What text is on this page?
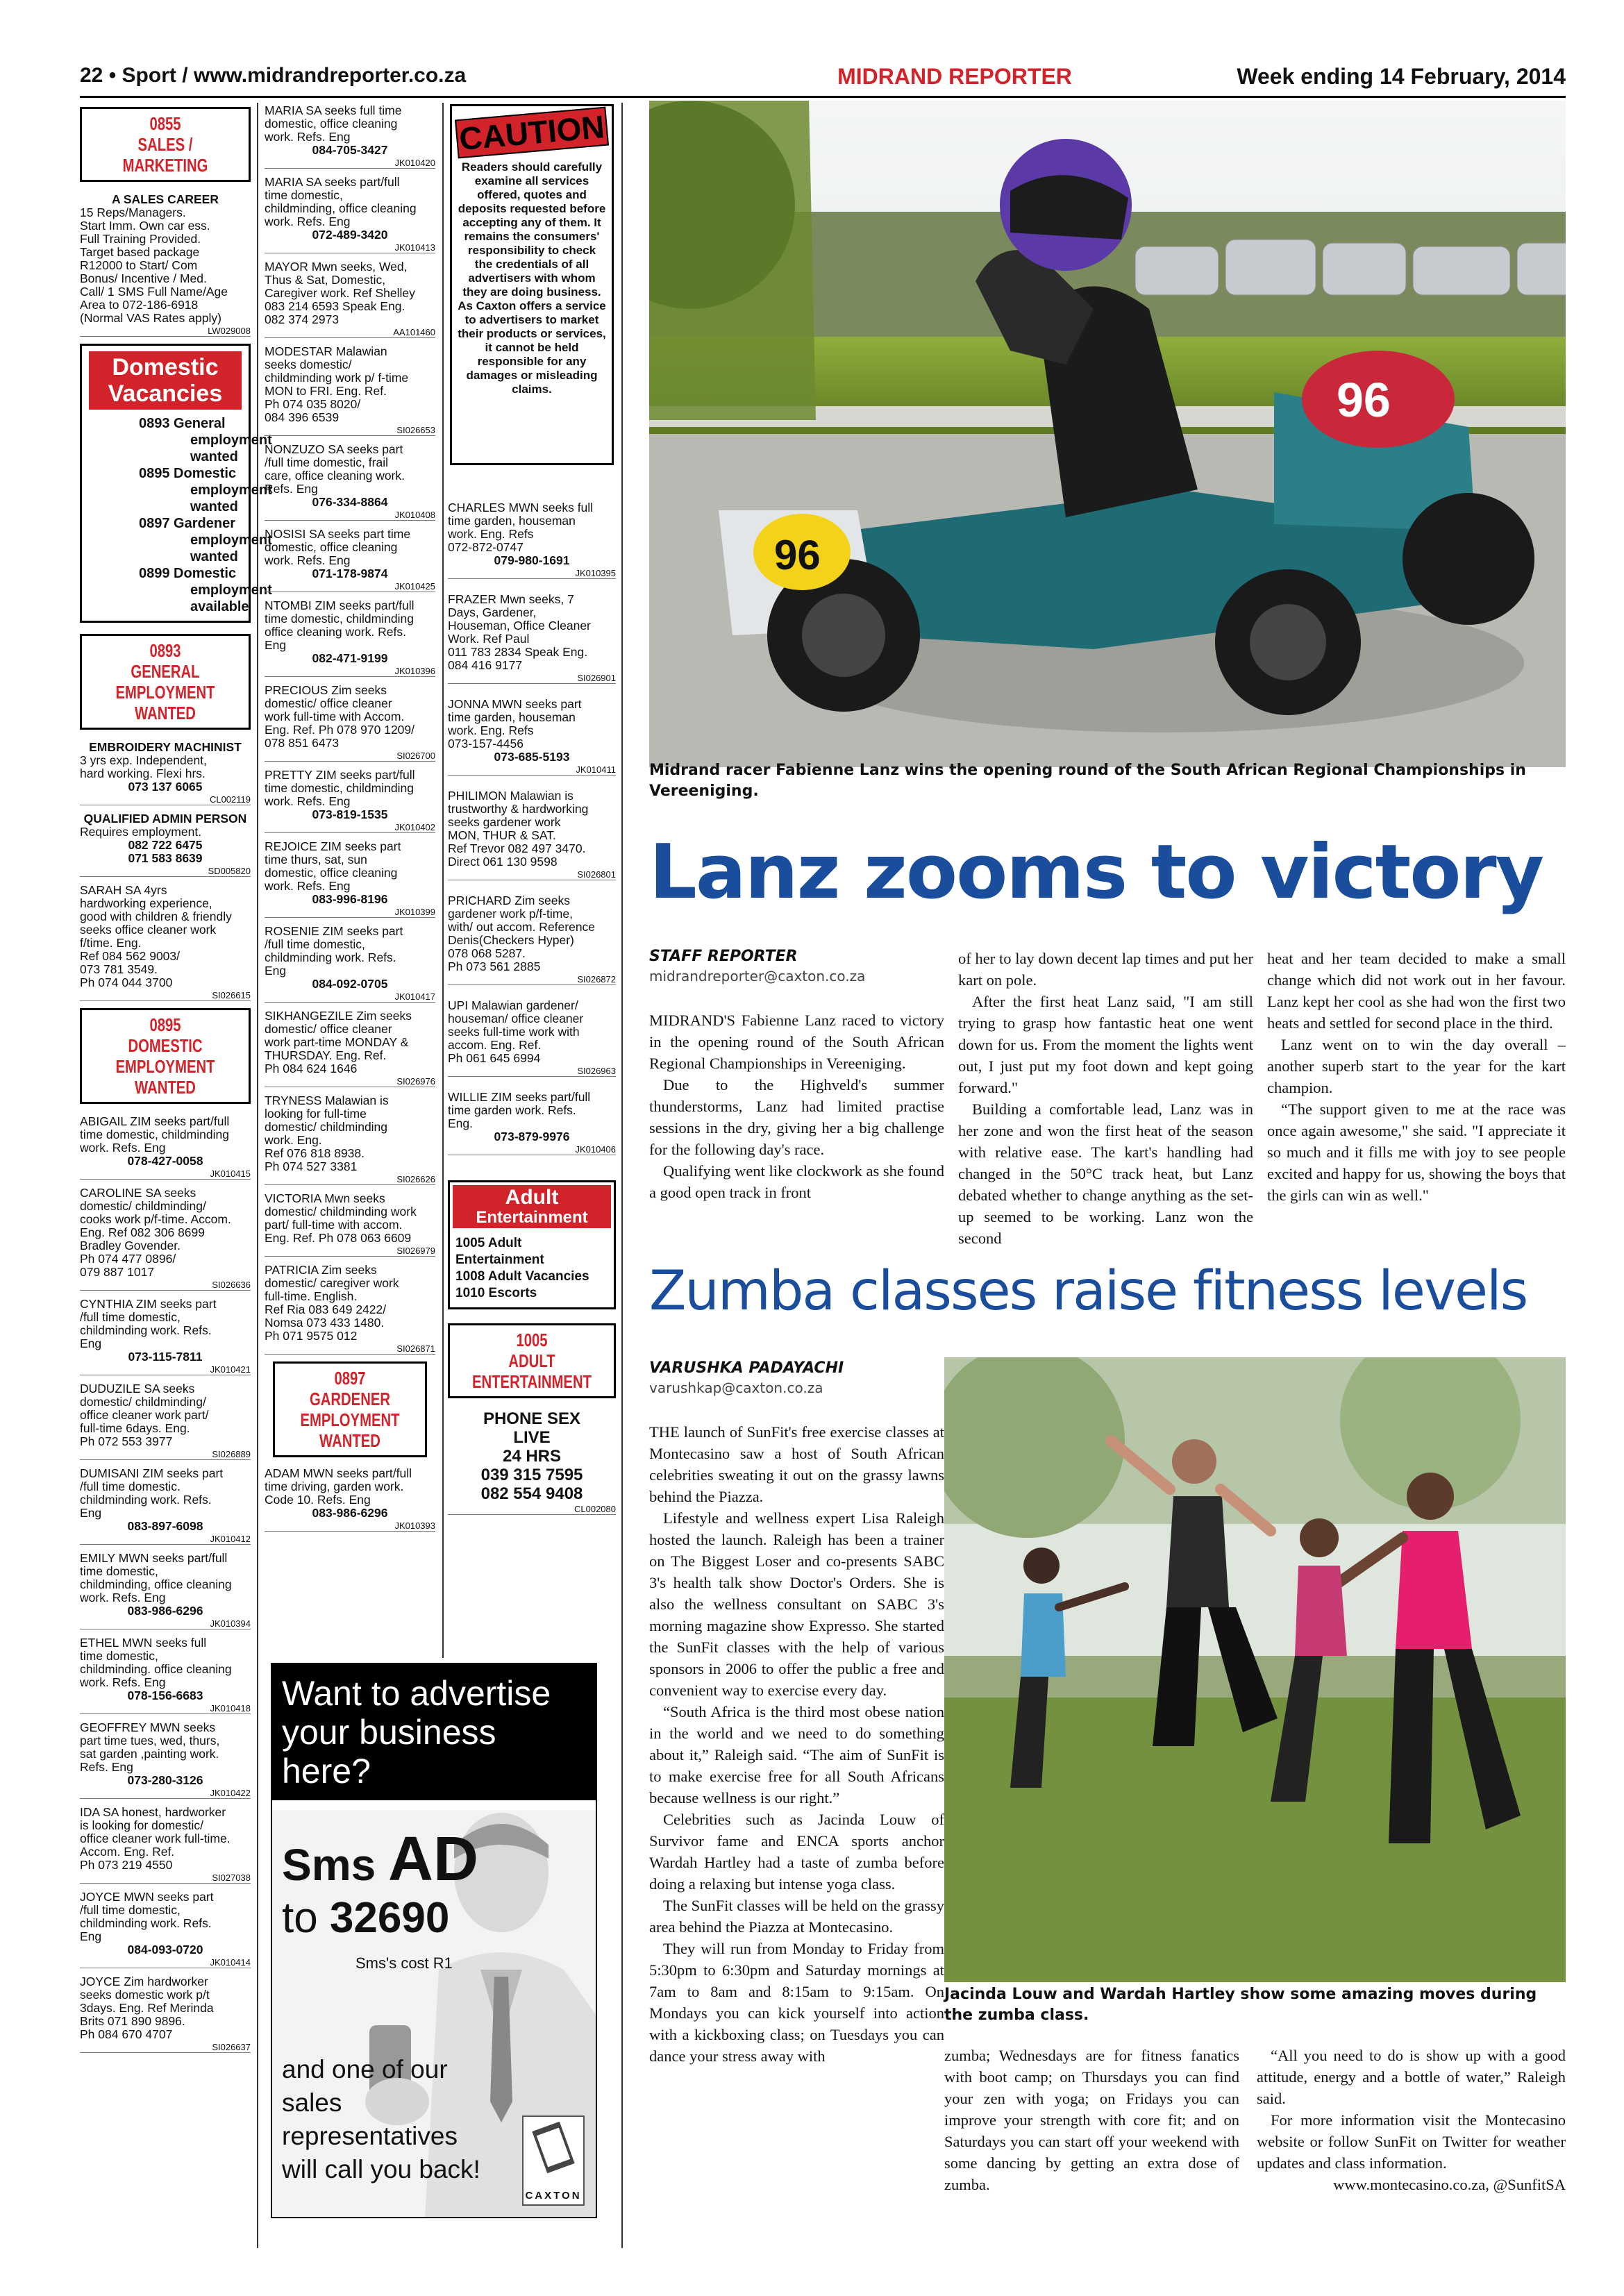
22 • Sport / www.midrandreporter.co.za	MIDRAND REPORTER	Week ending 14 February, 2014
0855
SALES / MARKETING
A SALES CAREER
15 Reps/Managers.
Start Imm. Own car ess.
Full Training Provided.
Target based package
R12000 to Start/ Com
Bonus/ Incentive / Med.
Call/ 1 SMS Full Name/Age
Area to 072-186-6918
(Normal VAS Rates apply)
LW029008
Domestic Vacancies
0893 General employment wanted
0895 Domestic employment wanted
0897 Gardener employment wanted
0899 Domestic employment available
0893
GENERAL EMPLOYMENT WANTED
EMBROIDERY MACHINIST
3 yrs exp. Independent,
hard working. Flexi hrs.
073 137 6065
CL002119
QUALIFIED ADMIN PERSON
Requires employment.
082 722 6475
071 583 8639
SD005820
SARAH SA 4yrs
hardworking experience,
good with children & friendly
seeks office cleaner work
f/time. Eng.
Ref 084 562 9003/
073 781 3549.
Ph 074 044 3700
SI026615
0895
DOMESTIC EMPLOYMENT WANTED
ABIGAIL ZIM seeks part/full
time domestic, childminding
work. Refs. Eng
078-427-0058
JK010415
CAROLINE SA seeks
domestic/ childminding/
cooks work p/f-time. Accom.
Eng. Ref 082 306 8699
Bradley Govender.
Ph 074 477 0896/
079 887 1017
SI026636
CYNTHIA ZIM seeks part
/full time domestic,
childminding work. Refs.
Eng
073-115-7811
JK010421
DUDUZILE SA seeks
domestic/ childminding/
office cleaner work part/
full-time 6days. Eng.
Ph 072 553 3977
SI026889
DUMISANI ZIM seeks part
/full time domestic.
childminding work. Refs.
Eng
083-897-6098
JK010412
EMILY MWN seeks part/full
time domestic,
childminding, office cleaning
work. Refs. Eng
083-986-6296
JK010394
ETHEL MWN seeks full
time domestic,
childminding. office cleaning
work. Refs. Eng
078-156-6683
JK010418
GEOFFREY MWN seeks
part time tues, wed, thurs,
sat garden ,painting work.
Refs. Eng
073-280-3126
JK010422
IDA SA honest, hardworker
is looking for domestic/
office cleaner work full-time.
Accom. Eng. Ref.
Ph 073 219 4550
SI027038
JOYCE MWN seeks part
/full time domestic,
childminding work. Refs.
Eng
084-093-0720
JK010414
JOYCE Zim hardworker
seeks domestic work p/t
3days. Eng. Ref Merinda
Brits 071 890 9896.
Ph 084 670 4707
SI026637
MARIA SA seeks full time
domestic, office cleaning
work. Refs. Eng
084-705-3427
JK010420
MARIA SA seeks part/full
time domestic,
childminding, office cleaning
work. Refs. Eng
072-489-3420
JK010413
MAYOR Mwn seeks, Wed,
Thus & Sat, Domestic,
Caregiver work. Ref Shelley
083 214 6593 Speak Eng.
082 374 2973
AA101460
MODESTAR Malawian
seeks domestic/
childminding work p/ f-time
MON to FRI. Eng. Ref.
Ph 074 035 8020/
084 396 6539
SI026653
NONZUZO SA seeks part
/full time domestic, frail
care, office cleaning work.
Refs. Eng
076-334-8864
JK010408
NOSISI SA seeks part time
domestic, office cleaning
work. Refs. Eng
071-178-9874
JK010425
NTOMBI ZIM seeks part/full
time domestic, childminding
office cleaning work. Refs.
Eng
082-471-9199
JK010396
PRECIOUS Zim seeks
domestic/ office cleaner
work full-time with Accom.
Eng. Ref. Ph 078 970 1209/
078 851 6473
SI026700
PRETTY ZIM seeks part/full
time domestic, childminding
work. Refs. Eng
073-819-1535
JK010402
REJOICE ZIM seeks part
time thurs, sat, sun
domestic, office cleaning
work. Refs. Eng
083-996-8196
JK010399
ROSENIE ZIM seeks part
/full time domestic,
childminding work. Refs.
Eng
084-092-0705
JK010417
SIKHANGEZILE Zim seeks
domestic/ office cleaner
work part-time MONDAY &
THURSDAY. Eng. Ref.
Ph 084 624 1646
SI026976
TRYNESS Malawian is
looking for full-time
domestic/ childminding
work. Eng.
Ref 076 818 8938.
Ph 074 527 3381
SI026626
VICTORIA Mwn seeks
domestic/ childminding work
part/ full-time with accom.
Eng. Ref. Ph 078 063 6609
SI026979
PATRICIA Zim seeks
domestic/ caregiver work
full-time. English.
Ref Ria 083 649 2422/
Nomsa 073 433 1480.
Ph 071 9575 012
SI026871
0897
GARDENER EMPLOYMENT WANTED
ADAM MWN seeks part/full
time driving, garden work.
Code 10. Refs. Eng
083-986-6296
JK010393
CAUTION
Readers should carefully examine all services offered, quotes and deposits requested before accepting any of them. It remains the consumers' responsibility to check the credentials of all advertisers with whom they are doing business. As Caxton offers a service to advertisers to market their products or services, it cannot be held responsible for any damages or misleading claims.
CHARLES MWN seeks full
time garden, houseman
work. Eng. Refs
072-872-0747
079-980-1691
JK010395
FRAZER Mwn seeks, 7
Days, Gardener,
Houseman, Office Cleaner
Work. Ref Paul
011 783 2834 Speak Eng.
084 416 9177
SI026901
JONNA MWN seeks part
time garden, houseman
work. Eng. Refs
073-157-4456
073-685-5193
JK010411
PHILIMON Malawian is
trustworthy & hardworking
seeks gardener work
MON, THUR & SAT.
Ref Trevor 082 497 3470.
Direct 061 130 9598
SI026801
PRICHARD Zim seeks
gardener work p/f-time,
with/ out accom. Reference
Denis(Checkers Hyper)
078 068 5287.
Ph 073 561 2885
SI026872
UPI Malawian gardener/
houseman/ office cleaner
seeks full-time work with
accom. Eng. Ref.
Ph 061 645 6994
SI026963
WILLIE ZIM seeks part/full
time garden work. Refs.
Eng.
073-879-9976
JK010406
Adult
Entertainment
1005 Adult Entertainment
1008 Adult Vacancies
1010 Escorts
1005
ADULT ENTERTAINMENT
PHONE SEX
LIVE
24 HRS
039 315 7595
082 554 9408
CL002080
Want to advertise your business here?
Sms AD
to 32690
Sms's cost R1
and one of our sales representatives will call you back!
CAXTON
96
96
Midrand racer Fabienne Lanz wins the opening round of the South African Regional Championships in Vereeniging.
Lanz zooms to victory
STAFF REPORTER
midrandreporter@caxton.co.za

MIDRAND'S Fabienne Lanz raced to victory in the opening round of the South African Regional Championships in Vereeniging.

Due to the Highveld's summer thunderstorms, Lanz had limited practise sessions in the dry, giving her a big challenge for the following day's race.

Qualifying went like clockwork as she found a good open track in front

of her to lay down decent lap times and put her kart on pole.

After the first heat Lanz said, "I am still trying to grasp how fantastic heat one went down for us. From the moment the lights went out, I just put my foot down and kept going forward."

Building a comfortable lead, Lanz was in her zone and won the first heat of the season with relative ease. The kart's handling had changed in the 50°C track heat, but Lanz debated whether to change anything as the set-up seemed to be working. Lanz won the second

heat and her team decided to make a small change which did not work out in her favour. Lanz kept her cool as she had won the first two heats and settled for second place in the third.

Lanz went on to win the day overall – another superb start to the year for the kart champion.

“The support given to me at the race was once again awesome," she said. "I appreciate it so much and it fills me with joy to see people excited and happy for us, showing the boys that the girls can win as well."

Zumba classes raise fitness levels
VARUSHKA PADAYACHI
varushkap@caxton.co.za

THE launch of SunFit's free exercise classes at Montecasino saw a host of South African celebrities sweating it out on the grassy lawns behind the Piazza.

Lifestyle and wellness expert Lisa Raleigh hosted the launch. Raleigh has been a trainer on The Biggest Loser and co-presents SABC 3's health talk show Doctor's Orders. She is also the wellness consultant on SABC 3's morning magazine show Expresso. She started the SunFit classes with the help of various sponsors in 2006 to offer the public a free and convenient way to exercise every day.

“South Africa is the third most obese nation in the world and we need to do something about it,” Raleigh said. “The aim of SunFit is to make exercise free for all South Africans because wellness is our right.”

Celebrities such as Jacinda Louw of Survivor fame and ENCA sports anchor Wardah Hartley had a taste of zumba before doing a relaxing but intense yoga class.

The SunFit classes will be held on the grassy area behind the Piazza at Montecasino.

They will run from Monday to Friday from 5:30pm to 6:30pm and Saturday mornings at 7am to 8am and 8:15am to 9:15am. On Mondays you can kick yourself into action with a kickboxing class; on Tuesdays you can dance your stress away with

Jacinda Louw and Wardah Hartley show some amazing moves during the zumba class.

zumba; Wednesdays are for fitness fanatics with boot camp; on Thursdays you can find your zen with yoga; on Fridays you can improve your strength with core fit; and on Saturdays you can start off your weekend with some dancing by getting an extra dose of zumba.

“All you need to do is show up with a good attitude, energy and a bottle of water,” Raleigh said.

For more information visit the Montecasino website or follow SunFit on Twitter for weather updates and class information.

www.montecasino.co.za, @SunfitSA
